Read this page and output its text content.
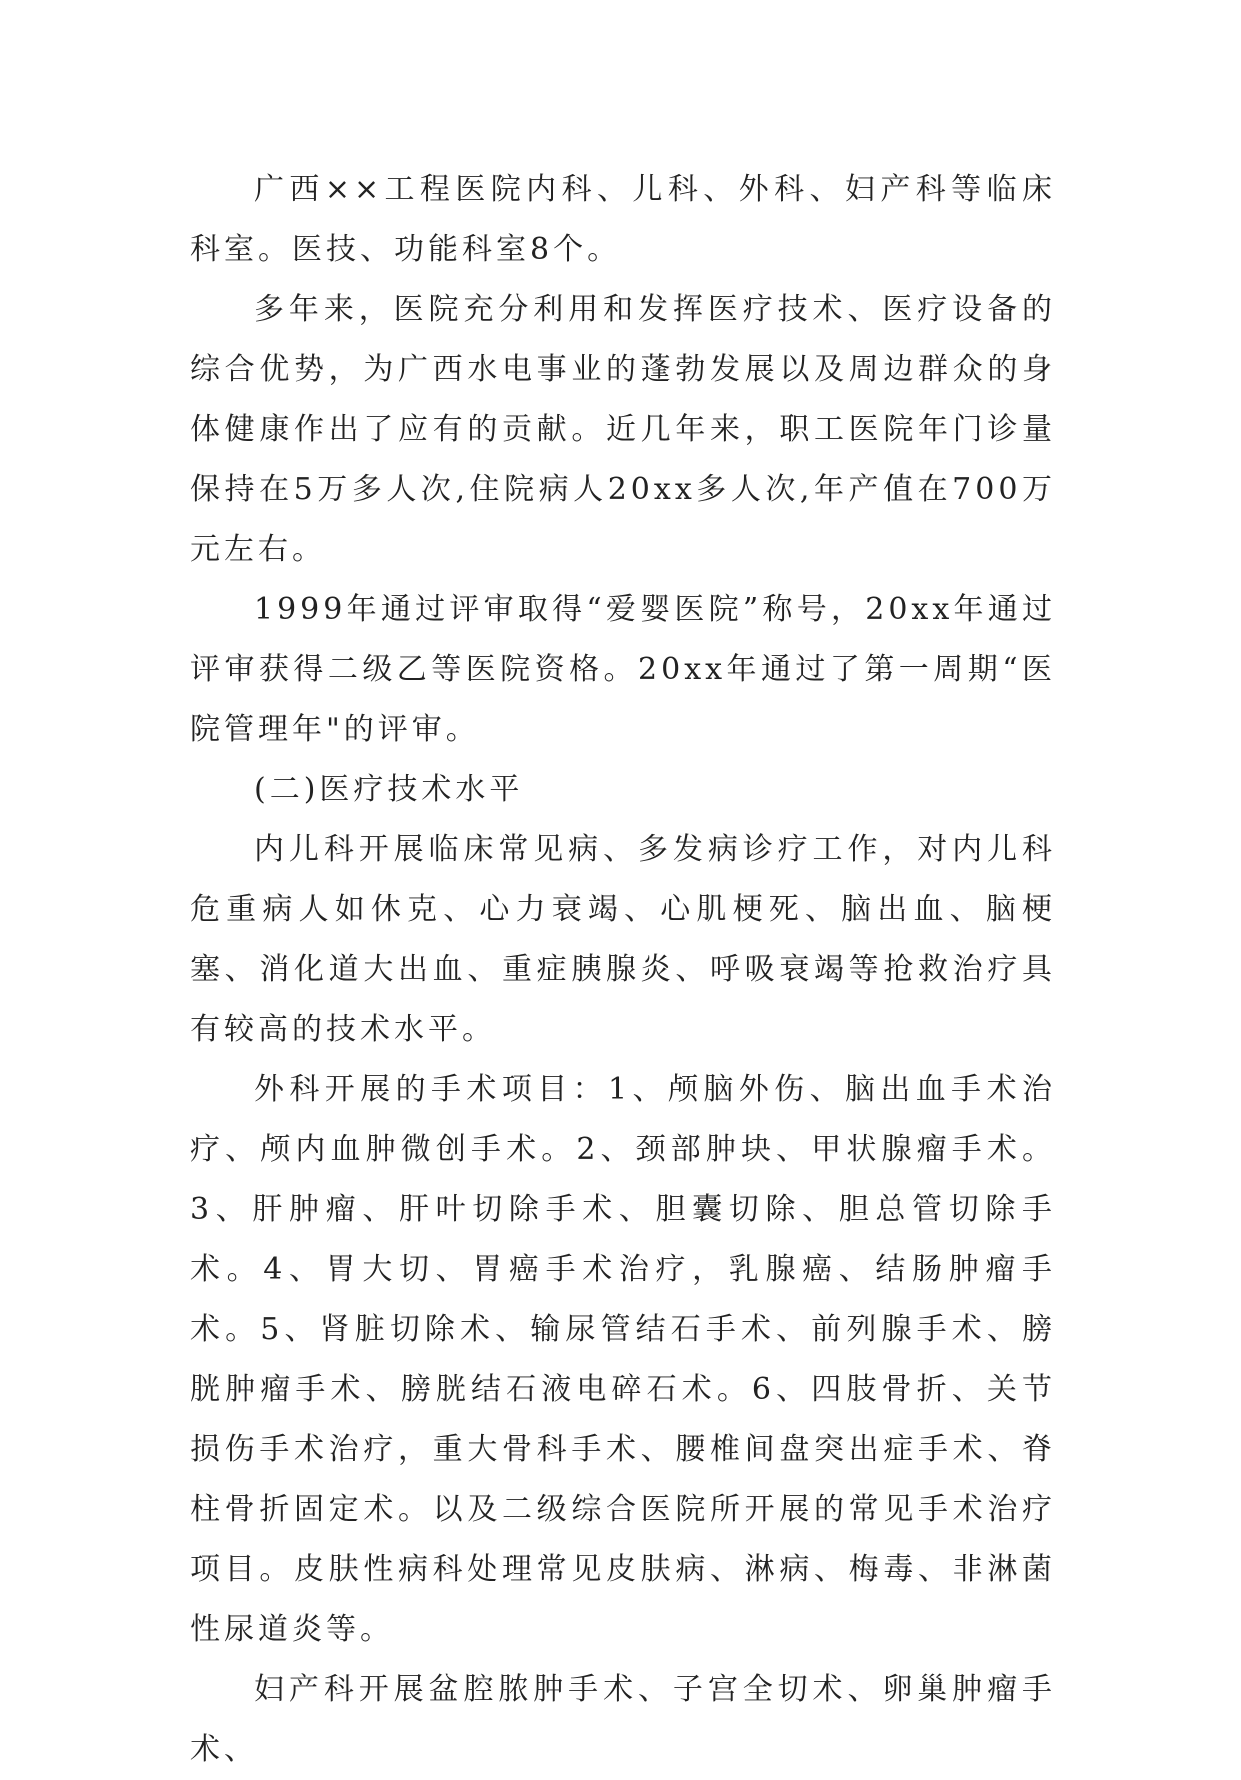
广西××工程医院内科、儿科、外科、妇产科等临床科室。医技、功能科室8个。

多年来，医院充分利用和发挥医疗技术、医疗设备的综合优势，为广西水电事业的蓬勃发展以及周边群众的身体健康作出了应有的贡献。近几年来，职工医院年门诊量保持在5万多人次,住院病人20xx多人次,年产值在700万元左右。

1999年通过评审取得“爱婴医院”称号，20xx年通过评审获得二级乙等医院资格。20xx年通过了第一周期“医院管理年"的评审。

(二)医疗技术水平

内儿科开展临床常见病、多发病诊疗工作，对内儿科危重病人如休克、心力衰竭、心肌梗死、脑出血、脑梗塞、消化道大出血、重症胰腺炎、呼吸衰竭等抢救治疗具有较高的技术水平。

外科开展的手术项目：1、颅脑外伤、脑出血手术治疗、颅内血肿微创手术。2、颈部肿块、甲状腺瘤手术。3、肝肿瘤、肝叶切除手术、胆囊切除、胆总管切除手术。4、胃大切、胃癌手术治疗，乳腺癌、结肠肿瘤手术。5、肾脏切除术、输尿管结石手术、前列腺手术、膀胱肿瘤手术、膀胱结石液电碎石术。6、四肢骨折、关节损伤手术治疗，重大骨科手术、腰椎间盘突出症手术、脊柱骨折固定术。以及二级综合医院所开展的常见手术治疗项目。皮肤性病科处理常见皮肤病、淋病、梅毒、非淋菌性尿道炎等。

妇产科开展盆腔脓肿手术、子宫全切术、卵巢肿瘤手术、
